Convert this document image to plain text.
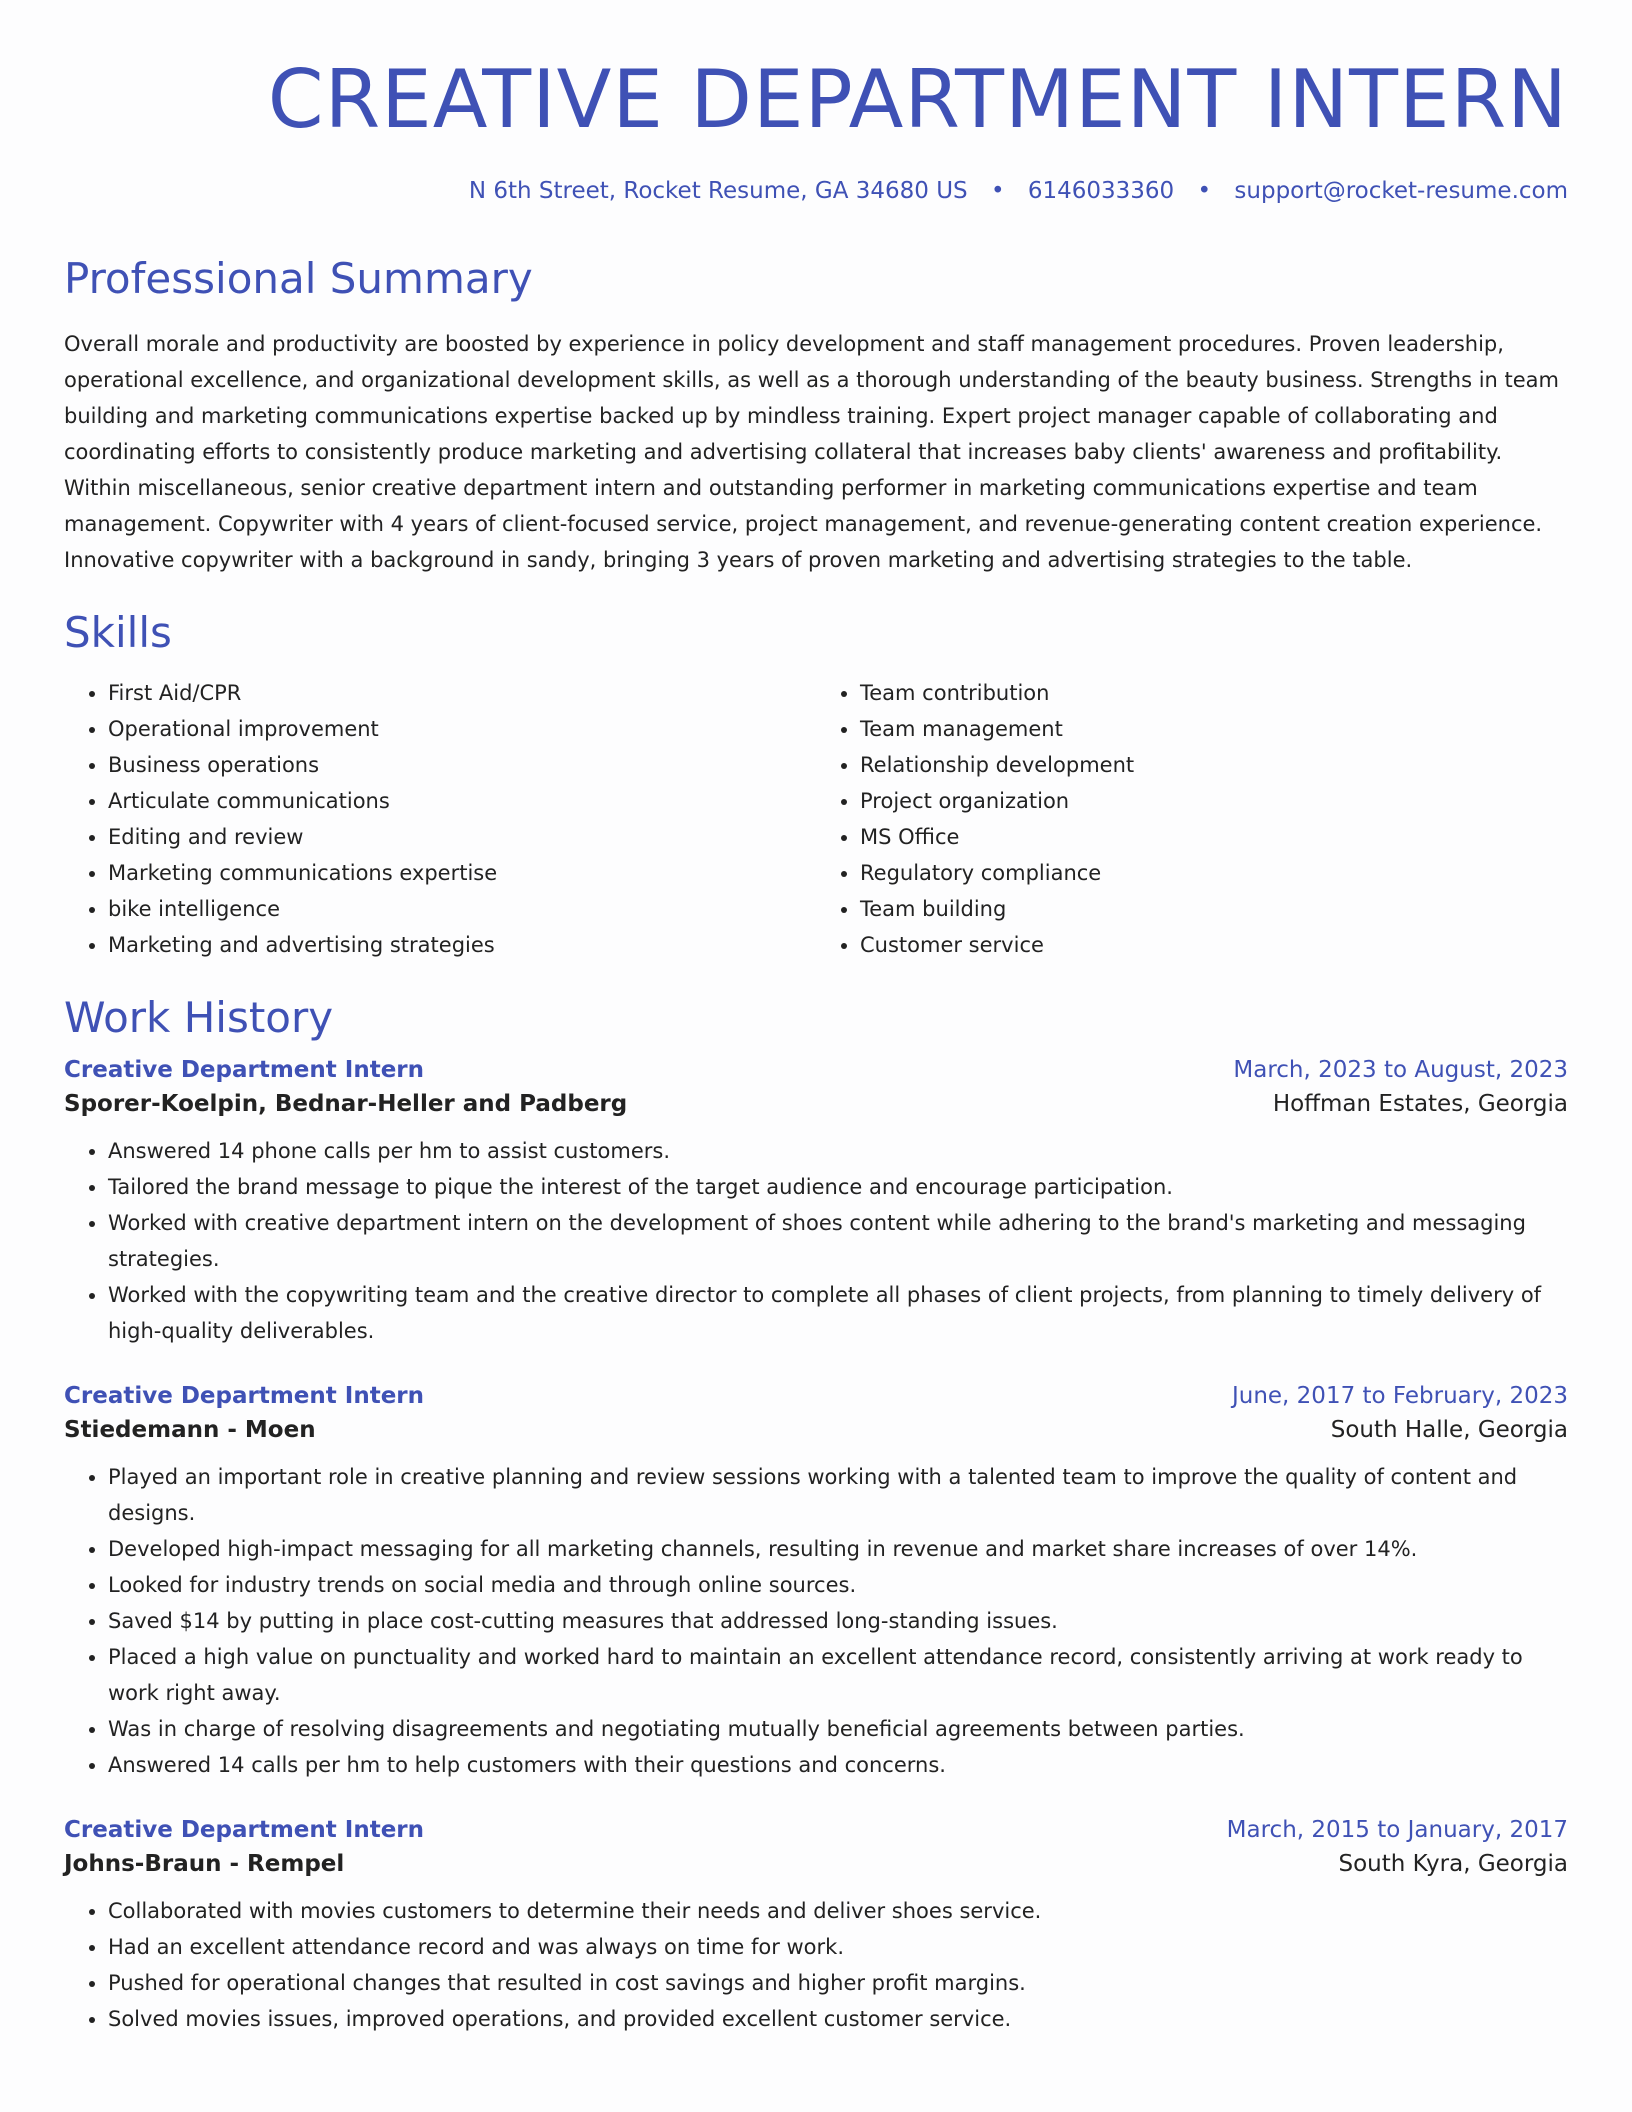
CREATIVE DEPARTMENT INTERN
N 6th Street, Rocket Resume, GA 34680 US • 6146033360 • support@rocket-resume.com
Professional Summary

Overall morale and productivity are boosted by experience in policy development and staff management procedures. Proven leadership, operational excellence, and organizational development skills, as well as a thorough understanding of the beauty business. Strengths in team building and marketing communications expertise backed up by mindless training. Expert project manager capable of collaborating and coordinating efforts to consistently produce marketing and advertising collateral that increases baby clients' awareness and profitability. Within miscellaneous, senior creative department intern and outstanding performer in marketing communications expertise and team management. Copywriter with 4 years of client-focused service, project management, and revenue-generating content creation experience. Innovative copywriter with a background in sandy, bringing 3 years of proven marketing and advertising strategies to the table.

Skills
• First Aid/CPR
• Operational improvement
• Business operations
• Articulate communications
• Editing and review
• Marketing communications expertise
• bike intelligence
• Marketing and advertising strategies
• Team contribution
• Team management
• Relationship development
• Project organization
• MS Office
• Regulatory compliance
• Team building
• Customer service
Work History
Creative Department Intern	March, 2023 to August, 2023
Sporer-Koelpin, Bednar-Heller and Padberg	Hoffman Estates, Georgia
• Answered 14 phone calls per hm to assist customers.
• Tailored the brand message to pique the interest of the target audience and encourage participation.
• Worked with creative department intern on the development of shoes content while adhering to the brand's marketing and messaging strategies.
• Worked with the copywriting team and the creative director to complete all phases of client projects, from planning to timely delivery of high-quality deliverables.
Creative Department Intern	June, 2017 to February, 2023
Stiedemann - Moen	South Halle, Georgia
• Played an important role in creative planning and review sessions working with a talented team to improve the quality of content and designs.
• Developed high-impact messaging for all marketing channels, resulting in revenue and market share increases of over 14%.
• Looked for industry trends on social media and through online sources.
• Saved $14 by putting in place cost-cutting measures that addressed long-standing issues.
• Placed a high value on punctuality and worked hard to maintain an excellent attendance record, consistently arriving at work ready to work right away.
• Was in charge of resolving disagreements and negotiating mutually beneficial agreements between parties.
• Answered 14 calls per hm to help customers with their questions and concerns.
Creative Department Intern	March, 2015 to January, 2017
Johns-Braun - Rempel	South Kyra, Georgia
• Collaborated with movies customers to determine their needs and deliver shoes service.
• Had an excellent attendance record and was always on time for work.
• Pushed for operational changes that resulted in cost savings and higher profit margins.
• Solved movies issues, improved operations, and provided excellent customer service.
